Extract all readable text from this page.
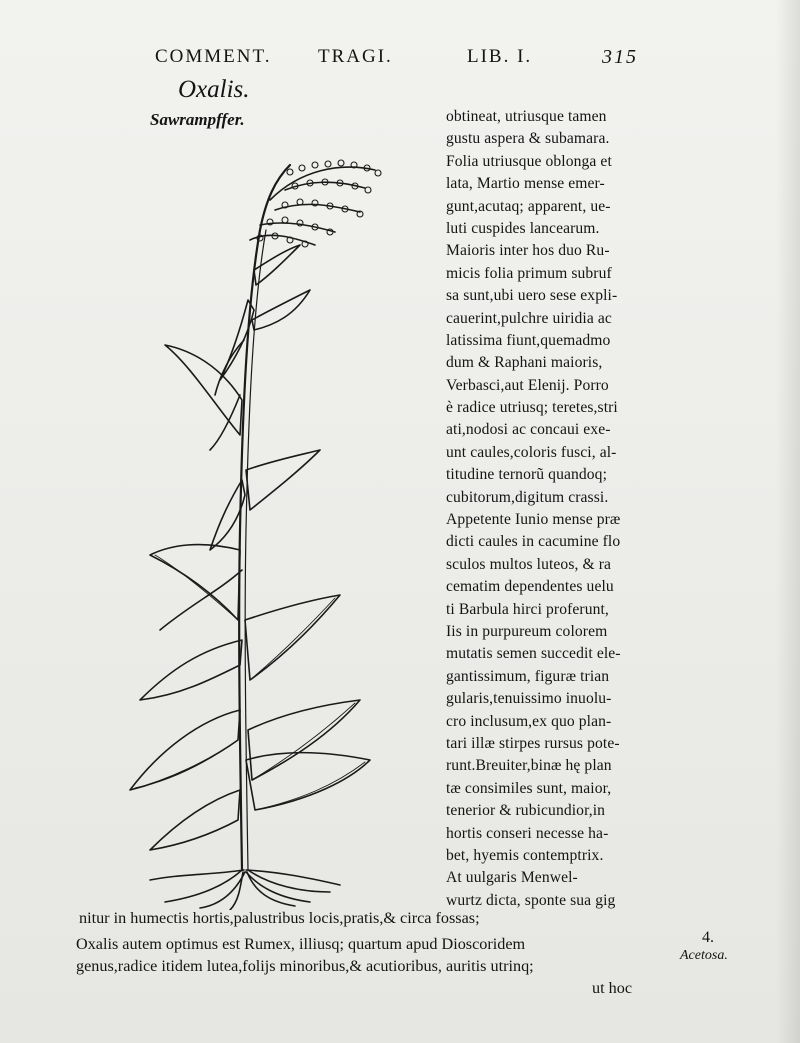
COMMENT. TRAGI.	LIB. I.	315
Oxalis.
Sawrampffer.	obtineat, utriusque tamen
gustu aspera & subamara.
Folia utriusque oblonga et
lata, Martio mense emer-
gunt,acutaq; apparent, ue-
luti cuspides lancearum.
Maioris inter hos duo Ru-
micis folia primum subruf
sa sunt,ubi uero sese expli-
cauerint,pulchre uiridia ac
latissima fiunt,quemadmo
dum & Raphani maioris,
Verbasci,aut Elenij. Porro
è radice utriusq; teretes,stri
ati,nodosi ac concaui exe-
unt caules,coloris fusci, al-
titudine ternorũ quandoq;
cubitorum,digitum crassi.
Appetente Iunio mense præ
dicti caules in cacumine flo
sculos multos luteos, & ra
cematim dependentes uelu
ti Barbula hirci proferunt,
Iis in purpureum colorem
mutatis semen succedit ele-
gantissimum, figuræ trian
gularis,tenuissimo inuolu-
cro inclusum,ex quo plan-
tari illæ stirpes rursus pote-
runt.Breuiter,binæ hę plan
tæ consimiles sunt, maior,
tenerior & rubicundior,in
hortis conseri necesse ha-
bet, hyemis contemptrix.
At uulgaris Menwel-
wurtz dicta, sponte sua gig
nitur in humectis hortis,palustribus locis,pratis,& circa fossas;
Oxalis autem optimus est Rumex, illiusq; quartum apud Dioscoridem
genus,radice itidem lutea,folijs minoribus,& acutioribus, auritis utrinq;
ut hoc
4.
Acetosa.
